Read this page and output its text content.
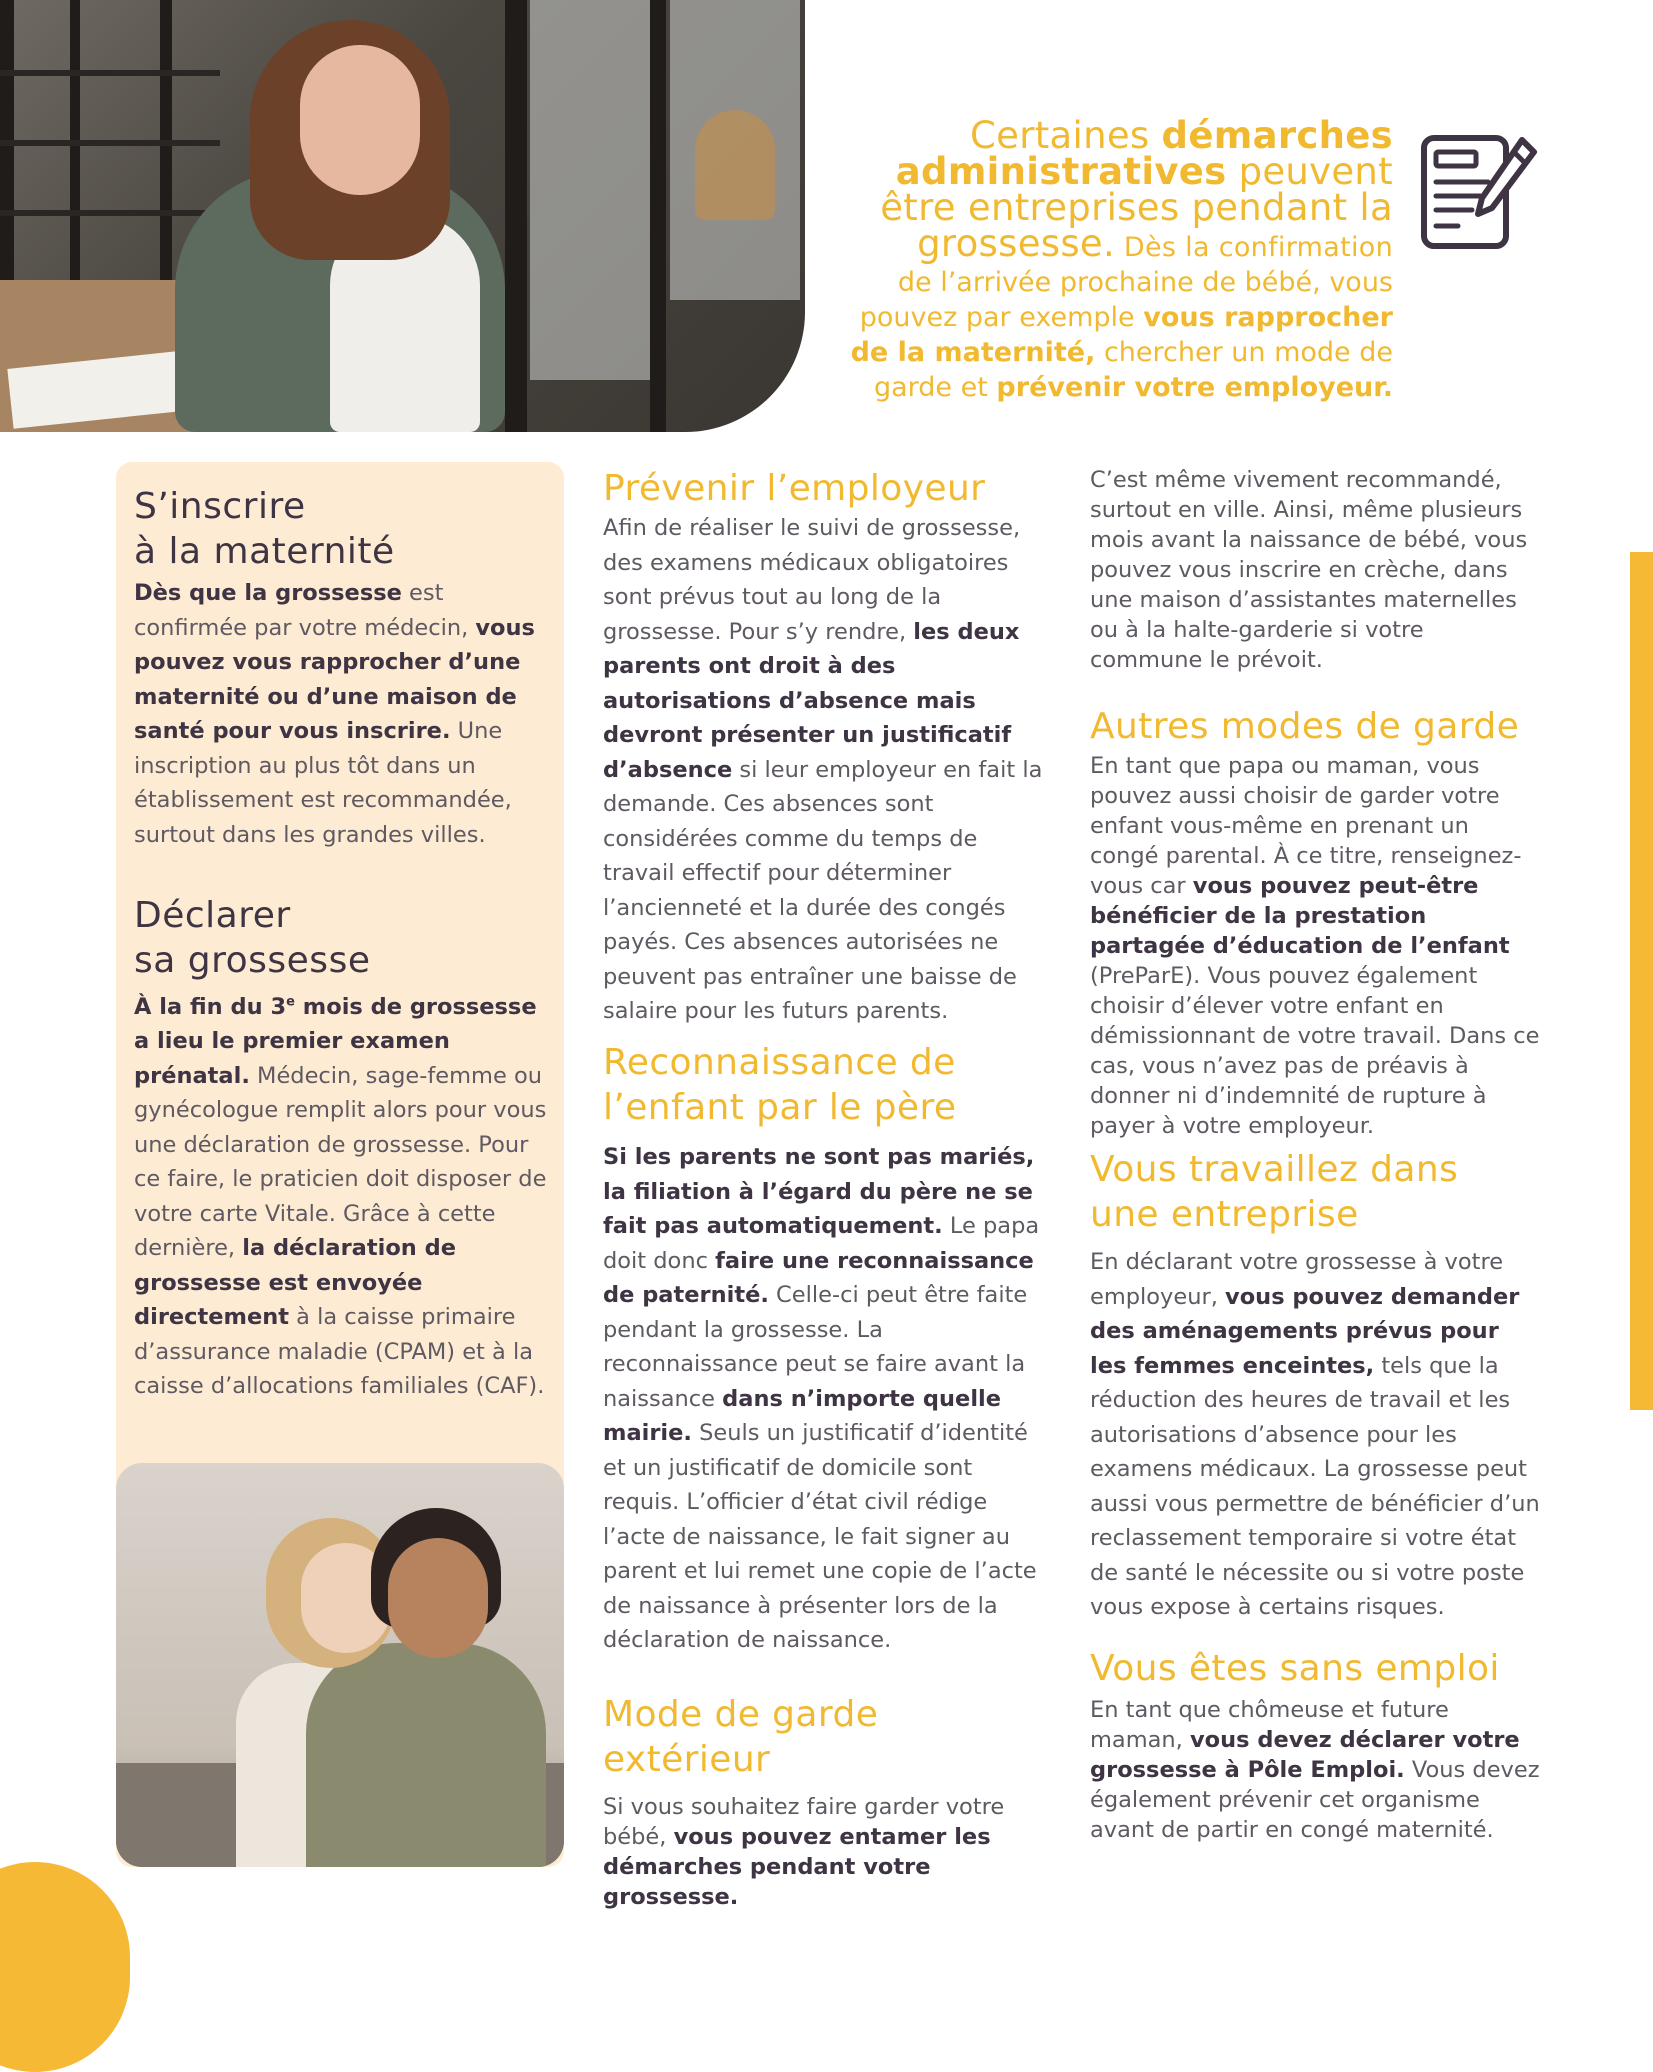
Certaines démarches
administratives peuvent
être entreprises pendant la
grossesse. Dès la confirmation
de l’arrivée prochaine de bébé, vous
pouvez par exemple vous rapprocher
de la maternité, chercher un mode de
garde et prévenir votre employeur.
S’inscrire
à la maternité

Dès que la grossesse est confirmée par votre médecin, vous pouvez vous rapprocher d’une maternité ou d’une maison de santé pour vous inscrire. Une inscription au plus tôt dans un établissement est recommandée, surtout dans les grandes villes.

Déclarer
sa grossesse

À la fin du 3e mois de grossesse a lieu le premier examen prénatal. Médecin, sage-femme ou gynécologue remplit alors pour vous une déclaration de grossesse. Pour ce faire, le praticien doit disposer de votre carte Vitale. Grâce à cette dernière, la déclaration de grossesse est envoyée directement à la caisse primaire d’assurance maladie (CPAM) et à la caisse d’allocations familiales (CAF).

Prévenir l’employeur

Afin de réaliser le suivi de grossesse, des examens médicaux obligatoires sont prévus tout au long de la grossesse. Pour s’y rendre, les deux parents ont droit à des autorisations d’absence mais devront présenter un justificatif d’absence si leur employeur en fait la demande. Ces absences sont considérées comme du temps de travail effectif pour déterminer l’ancienneté et la durée des congés payés. Ces absences autorisées ne peuvent pas entraîner une baisse de salaire pour les futurs parents.

Reconnaissance de
l’enfant par le père

Si les parents ne sont pas mariés, la filiation à l’égard du père ne se fait pas automatiquement. Le papa doit donc faire une reconnaissance de paternité. Celle-ci peut être faite pendant la grossesse. La reconnaissance peut se faire avant la naissance dans n’importe quelle mairie. Seuls un justificatif d’identité et un justificatif de domicile sont requis. L’officier d’état civil rédige l’acte de naissance, le fait signer au parent et lui remet une copie de l’acte de naissance à présenter lors de la déclaration de naissance.

Mode de garde extérieur

Si vous souhaitez faire garder votre bébé, vous pouvez entamer les démarches pendant votre grossesse.

C’est même vivement recommandé, surtout en ville. Ainsi, même plusieurs mois avant la naissance de bébé, vous pouvez vous inscrire en crèche, dans une maison d’assistantes maternelles ou à la halte-garderie si votre commune le prévoit.

Autres modes de garde

En tant que papa ou maman, vous pouvez aussi choisir de garder votre enfant vous-même en prenant un congé parental. À ce titre, renseignez-vous car vous pouvez peut-être bénéficier de la prestation partagée d’éducation de l’enfant (PreParE). Vous pouvez également choisir d’élever votre enfant en démissionnant de votre travail. Dans ce cas, vous n’avez pas de préavis à donner ni d’indemnité de rupture à payer à votre employeur.

Vous travaillez dans
une entreprise

En déclarant votre grossesse à votre employeur, vous pouvez demander des aménagements prévus pour les femmes enceintes, tels que la réduction des heures de travail et les autorisations d’absence pour les examens médicaux. La grossesse peut aussi vous permettre de bénéficier d’un reclassement temporaire si votre état de santé le nécessite ou si votre poste vous expose à certains risques.

Vous êtes sans emploi

En tant que chômeuse et future maman, vous devez déclarer votre grossesse à Pôle Emploi. Vous devez également prévenir cet organisme avant de partir en congé maternité.
